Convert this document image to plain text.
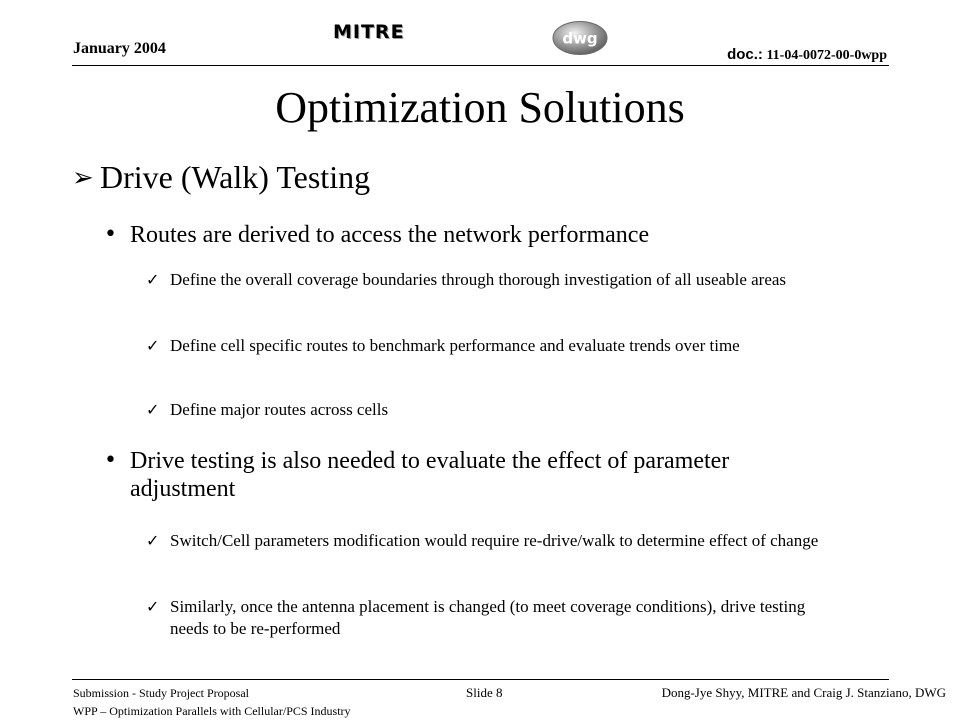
January 2004
MITRE	dwg
doc.: 11-04-0072-00-0wpp
Optimization Solutions
➢ Drive (Walk) Testing
• Routes are derived to access the network performance
✓ Define the overall coverage boundaries through thorough investigation of all useable areas
✓ Define cell specific routes to benchmark performance and evaluate trends over time
✓ Define major routes across cells
• Drive testing is also needed to evaluate the effect of parameter adjustment
✓ Switch/Cell parameters modification would require re-drive/walk to determine effect of change
✓ Similarly, once the antenna placement is changed (to meet coverage conditions), drive testing needs to be re-performed
Submission - Study Project Proposal
WPP – Optimization Parallels with Cellular/PCS Industry
Slide 8	Dong-Jye Shyy, MITRE and Craig J. Stanziano, DWG
